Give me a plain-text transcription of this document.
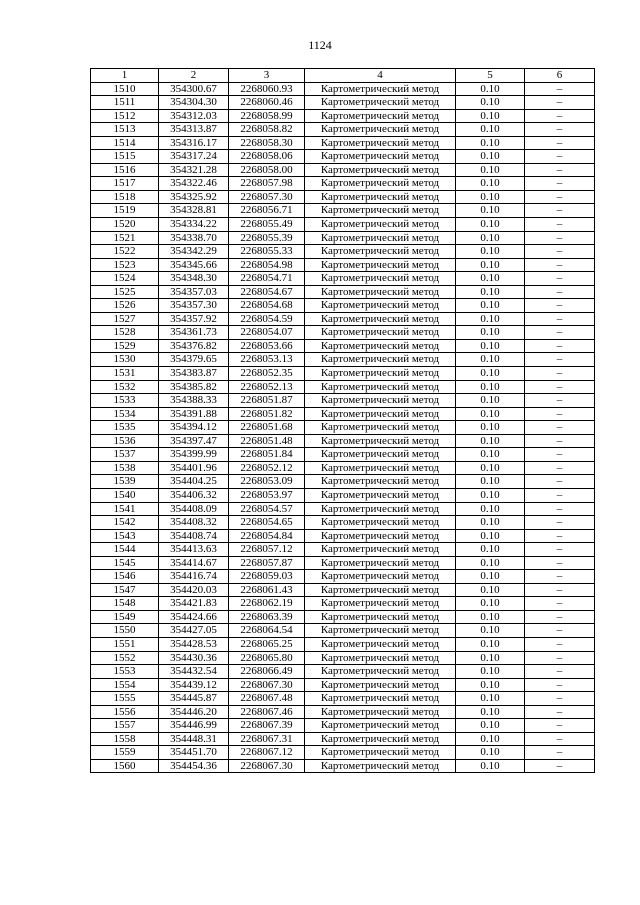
1124
1	2	3	4	5	6
1510	354300.67	2268060.93	Картометрический метод	0.10	–
1511	354304.30	2268060.46	Картометрический метод	0.10	–
1512	354312.03	2268058.99	Картометрический метод	0.10	–
1513	354313.87	2268058.82	Картометрический метод	0.10	–
1514	354316.17	2268058.30	Картометрический метод	0.10	–
1515	354317.24	2268058.06	Картометрический метод	0.10	–
1516	354321.28	2268058.00	Картометрический метод	0.10	–
1517	354322.46	2268057.98	Картометрический метод	0.10	–
1518	354325.92	2268057.30	Картометрический метод	0.10	–
1519	354328.81	2268056.71	Картометрический метод	0.10	–
1520	354334.22	2268055.49	Картометрический метод	0.10	–
1521	354338.70	2268055.39	Картометрический метод	0.10	–
1522	354342.29	2268055.33	Картометрический метод	0.10	–
1523	354345.66	2268054.98	Картометрический метод	0.10	–
1524	354348.30	2268054.71	Картометрический метод	0.10	–
1525	354357.03	2268054.67	Картометрический метод	0.10	–
1526	354357.30	2268054.68	Картометрический метод	0.10	–
1527	354357.92	2268054.59	Картометрический метод	0.10	–
1528	354361.73	2268054.07	Картометрический метод	0.10	–
1529	354376.82	2268053.66	Картометрический метод	0.10	–
1530	354379.65	2268053.13	Картометрический метод	0.10	–
1531	354383.87	2268052.35	Картометрический метод	0.10	–
1532	354385.82	2268052.13	Картометрический метод	0.10	–
1533	354388.33	2268051.87	Картометрический метод	0.10	–
1534	354391.88	2268051.82	Картометрический метод	0.10	–
1535	354394.12	2268051.68	Картометрический метод	0.10	–
1536	354397.47	2268051.48	Картометрический метод	0.10	–
1537	354399.99	2268051.84	Картометрический метод	0.10	–
1538	354401.96	2268052.12	Картометрический метод	0.10	–
1539	354404.25	2268053.09	Картометрический метод	0.10	–
1540	354406.32	2268053.97	Картометрический метод	0.10	–
1541	354408.09	2268054.57	Картометрический метод	0.10	–
1542	354408.32	2268054.65	Картометрический метод	0.10	–
1543	354408.74	2268054.84	Картометрический метод	0.10	–
1544	354413.63	2268057.12	Картометрический метод	0.10	–
1545	354414.67	2268057.87	Картометрический метод	0.10	–
1546	354416.74	2268059.03	Картометрический метод	0.10	–
1547	354420.03	2268061.43	Картометрический метод	0.10	–
1548	354421.83	2268062.19	Картометрический метод	0.10	–
1549	354424.66	2268063.39	Картометрический метод	0.10	–
1550	354427.05	2268064.54	Картометрический метод	0.10	–
1551	354428.53	2268065.25	Картометрический метод	0.10	–
1552	354430.36	2268065.80	Картометрический метод	0.10	–
1553	354432.54	2268066.49	Картометрический метод	0.10	–
1554	354439.12	2268067.30	Картометрический метод	0.10	–
1555	354445.87	2268067.48	Картометрический метод	0.10	–
1556	354446.20	2268067.46	Картометрический метод	0.10	–
1557	354446.99	2268067.39	Картометрический метод	0.10	–
1558	354448.31	2268067.31	Картометрический метод	0.10	–
1559	354451.70	2268067.12	Картометрический метод	0.10	–
1560	354454.36	2268067.30	Картометрический метод	0.10	–
